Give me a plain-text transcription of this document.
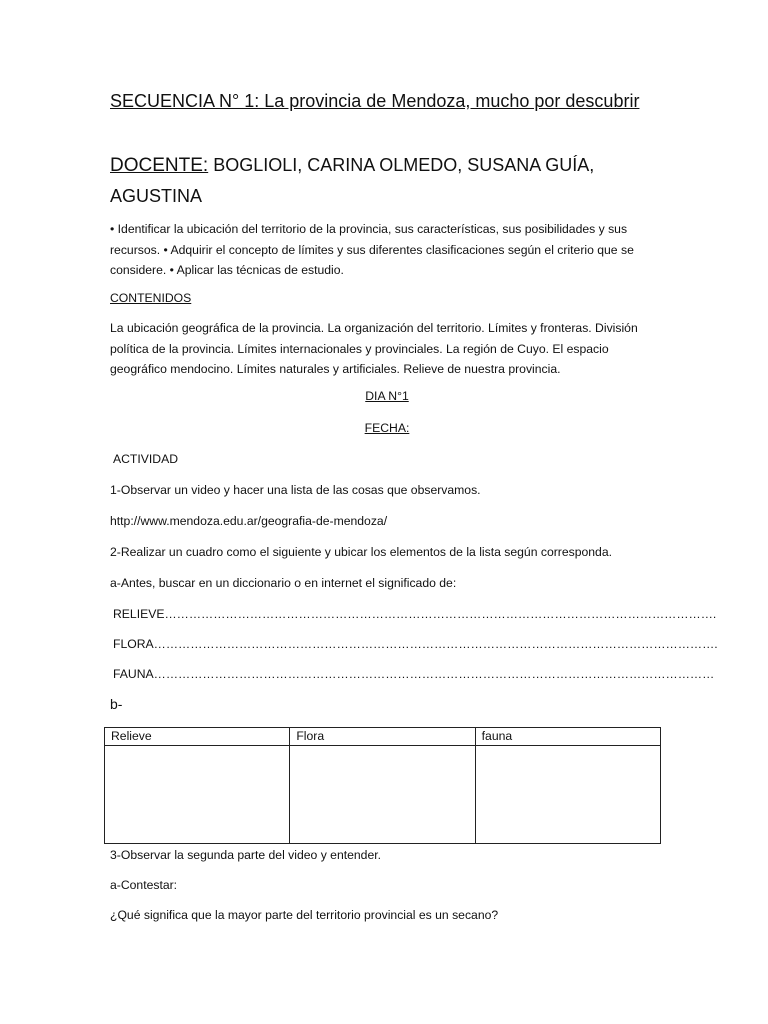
SECUENCIA N° 1: La provincia de Mendoza, mucho por descubrir
DOCENTE: BOGLIOLI, CARINA OLMEDO, SUSANA GUÍA, AGUSTINA
• Identificar la ubicación del territorio de la provincia, sus características, sus posibilidades y sus recursos. • Adquirir el concepto de límites y sus diferentes clasificaciones según el criterio que se considere. • Aplicar las técnicas de estudio.
CONTENIDOS
La ubicación geográfica de la provincia. La organización del territorio. Límites y fronteras. División política de la provincia. Límites internacionales y provinciales. La región de Cuyo. El espacio geográfico mendocino. Límites naturales y artificiales. Relieve de nuestra provincia.
DIA N°1
FECHA:
ACTIVIDAD
1-Observar un video y hacer una lista de las cosas que observamos.
http://www.mendoza.edu.ar/geografia-de-mendoza/
2-Realizar un cuadro como el siguiente y ubicar los elementos de la lista según corresponda.
a-Antes, buscar en un diccionario o en internet el significado de:
RELIEVE……………………………………………………………………………………………………………………….
FLORA………………………………………………………………………………………………………………………….
FAUNA…………………………………………………………………………………………………………………………
b-
Relieve	Flora	fauna

3-Observar la segunda parte del video y entender.
a-Contestar:
¿Qué significa que la mayor parte del territorio provincial es un secano?
